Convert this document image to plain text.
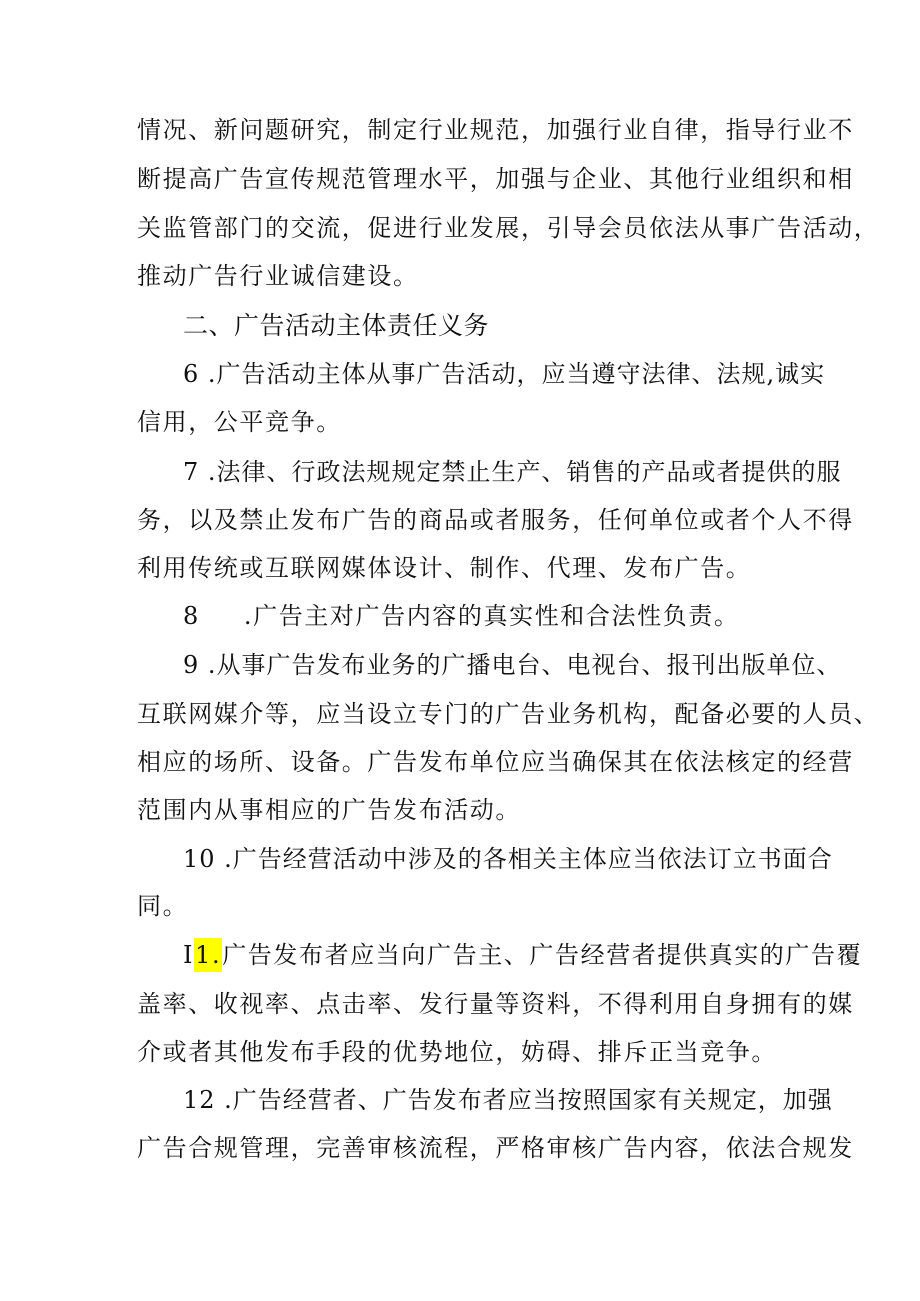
情况、新问题研究，制定行业规范，加强行业自律，指导行业不
断提高广告宣传规范管理水平，加强与企业、其他行业组织和相
关监管部门的交流，促进行业发展，引导会员依法从事广告活动，
推动广告行业诚信建设。
二、广告活动主体责任义务
6 .广告活动主体从事广告活动，应当遵守法律、法规,诚实
信用，公平竞争。
7 .法律、行政法规规定禁止生产、销售的产品或者提供的服
务，以及禁止发布广告的商品或者服务，任何单位或者个人不得
利用传统或互联网媒体设计、制作、代理、发布广告。
8 .广告主对广告内容的真实性和合法性负责。
9 .从事广告发布业务的广播电台、电视台、报刊出版单位、
互联网媒介等，应当设立专门的广告业务机构，配备必要的人员、
相应的场所、设备。广告发布单位应当确保其在依法核定的经营
范围内从事相应的广告发布活动。
10 .广告经营活动中涉及的各相关主体应当依法订立书面合
同。
I1.广告发布者应当向广告主、广告经营者提供真实的广告覆
盖率、收视率、点击率、发行量等资料，不得利用自身拥有的媒
介或者其他发布手段的优势地位，妨碍、排斥正当竞争。
12 .广告经营者、广告发布者应当按照国家有关规定，加强
广告合规管理，完善审核流程，严格审核广告内容，依法合规发
